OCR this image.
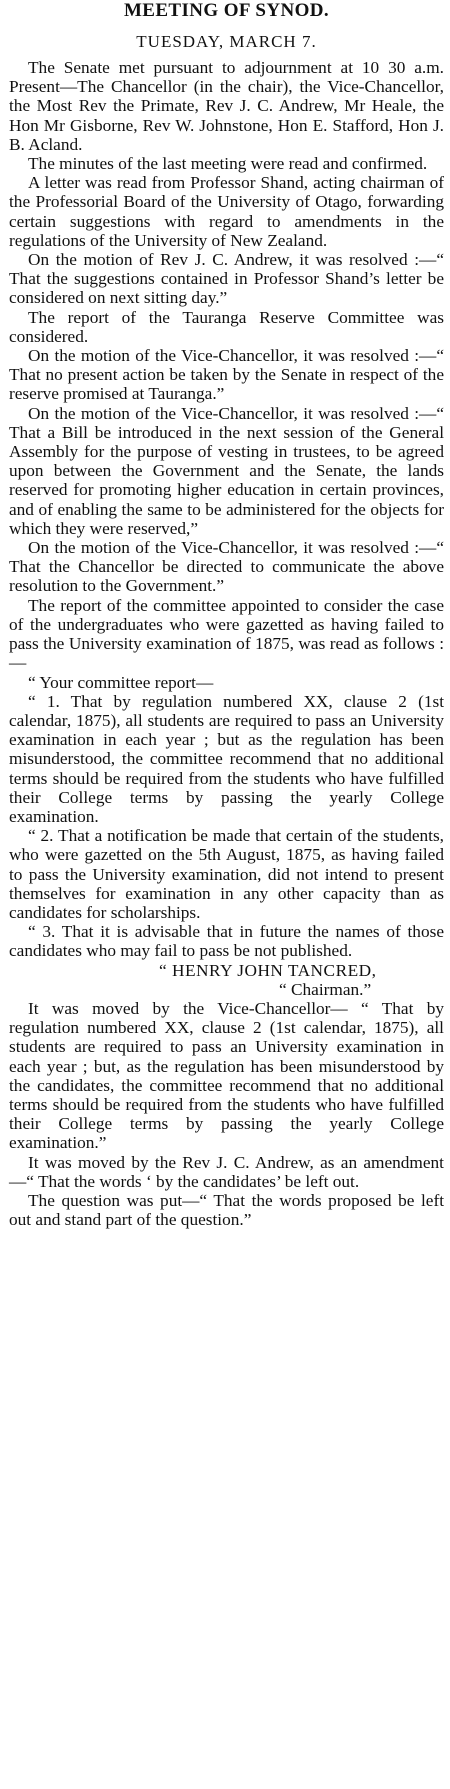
MEETING OF SYNOD.
TUESDAY, MARCH 7.

The Senate met pursuant to adjournment at 10 30 a.m. Present—The Chancellor (in the chair), the Vice-Chancellor, the Most Rev the Primate, Rev J. C. Andrew, Mr Heale, the Hon Mr Gisborne, Rev W. Johnstone, Hon E. Stafford, Hon J. B. Acland.

The minutes of the last meeting were read and confirmed.

A letter was read from Professor Shand, acting chairman of the Professorial Board of the University of Otago, forwarding certain suggestions with regard to amendments in the regulations of the University of New Zealand.

On the motion of Rev J. C. Andrew, it was resolved :—“ That the suggestions contained in Professor Shand’s letter be considered on next sitting day.”

The report of the Tauranga Reserve Committee was considered.

On the motion of the Vice-Chancellor, it was resolved :—“ That no present action be taken by the Senate in respect of the reserve promised at Tauranga.”

On the motion of the Vice-Chancellor, it was resolved :—“ That a Bill be introduced in the next session of the General Assembly for the purpose of vesting in trustees, to be agreed upon between the Government and the Senate, the lands reserved for promoting higher education in certain provinces, and of enabling the same to be administered for the objects for which they were reserved,”

On the motion of the Vice-Chancellor, it was resolved :—“ That the Chancellor be directed to communicate the above resolution to the Government.”

The report of the committee appointed to consider the case of the undergraduates who were gazetted as having failed to pass the University examination of 1875, was read as follows : —

“ Your committee report—

“ 1. That by regulation numbered XX, clause 2 (1st calendar, 1875), all students are required to pass an University examination in each year ; but as the regulation has been misunderstood, the committee recommend that no additional terms should be required from the students who have fulfilled their College terms by passing the yearly College examination.

“ 2. That a notification be made that certain of the students, who were gazetted on the 5th August, 1875, as having failed to pass the University examination, did not intend to present themselves for examination in any other capacity than as candidates for scholarships.

“ 3. That it is advisable that in future the names of those candidates who may fail to pass be not published.

“ HENRY JOHN TANCRED,

“ Chairman.”

It was moved by the Vice-Chancellor— “ That by regulation numbered XX, clause 2 (1st calendar, 1875), all students are required to pass an University examination in each year ; but, as the regulation has been misunderstood by the candidates, the committee recommend that no additional terms should be required from the students who have fulfilled their College terms by passing the yearly College examination.”

It was moved by the Rev J. C. Andrew, as an amendment—“ That the words ‘ by the candidates’ be left out.

The question was put—“ That the words proposed be left out and stand part of the question.”
